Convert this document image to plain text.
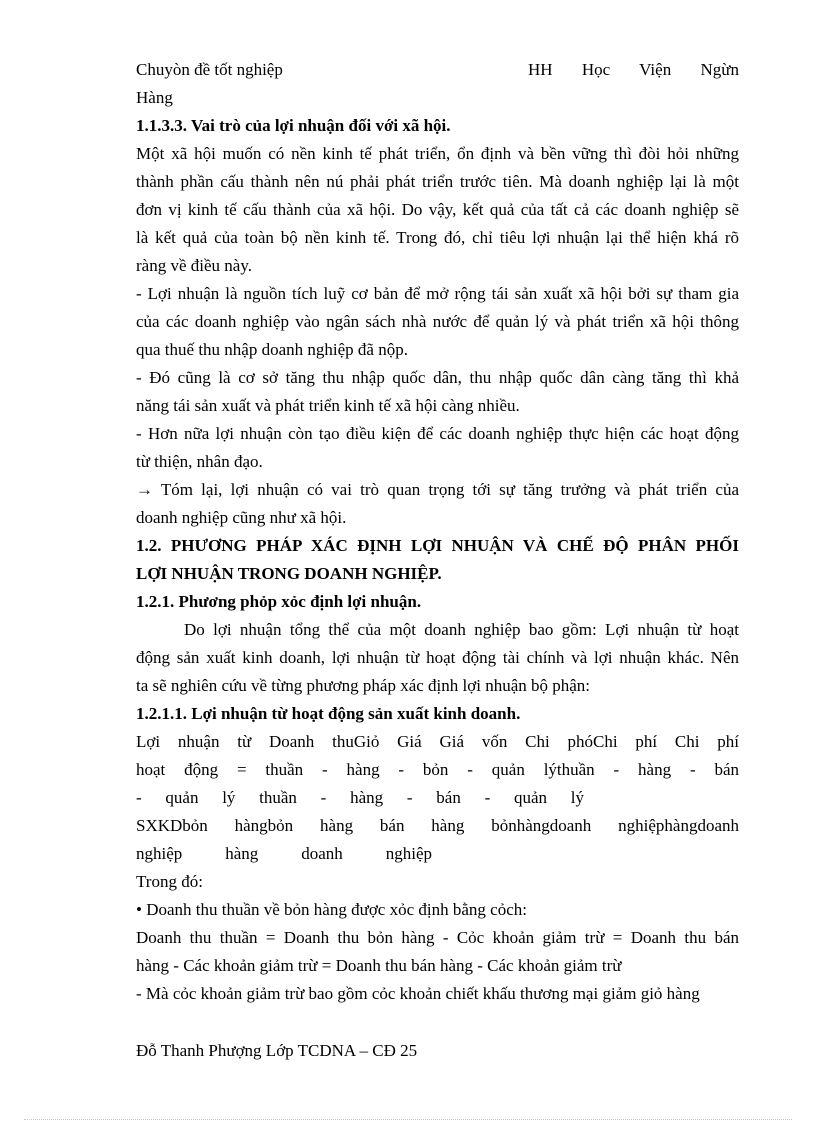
Chuyòn đề tốt nghiệp	HH Học Viện Ngừn
Hàng
1.1.3.3. Vai trò của lợi nhuận đối với xã hội.
Một xã hội muốn có nền kinh tế phát triển, ổn định và bền vững thì đòi hỏi những
thành phần cấu thành nên nú phải phát triển trước tiên. Mà doanh nghiệp lại là một
đơn vị kinh tế cấu thành của xã hội. Do vậy, kết quả của tất cả các doanh nghiệp sẽ
là kết quả của toàn bộ nền kinh tế. Trong đó, chỉ tiêu lợi nhuận lại thể hiện khá rõ
ràng về điều này.
- Lợi nhuận là nguồn tích luỹ cơ bản để mở rộng tái sản xuất xã hội bởi sự tham gia
của các doanh nghiệp vào ngân sách nhà nước để quản lý và phát triển xã hội thông
qua thuế thu nhập doanh nghiệp đã nộp.
- Đó cũng là cơ sở tăng thu nhập quốc dân, thu nhập quốc dân càng tăng thì khả
năng tái sản xuất và phát triển kinh tế xã hội càng nhiều.
- Hơn nữa lợi nhuận còn tạo điều kiện để các doanh nghiệp thực hiện các hoạt động
từ thiện, nhân đạo.
→ Tóm lại, lợi nhuận có vai trò quan trọng tới sự tăng trưởng và phát triển của
doanh nghiệp cũng như xã hội.
1.2. PHƯƠNG PHÁP XÁC ĐỊNH LỢI NHUẬN VÀ CHẾ ĐỘ PHÂN PHỐI
LỢI NHUẬN TRONG DOANH NGHIỆP.
1.2.1. Phương phỏp xỏc định lợi nhuận.
Do lợi nhuận tổng thể của một doanh nghiệp bao gồm: Lợi nhuận từ hoạt
động sản xuất kinh doanh, lợi nhuận từ hoạt động tài chính và lợi nhuận khác. Nên
ta sẽ nghiên cứu về từng phương pháp xác định lợi nhuận bộ phận:
1.2.1.1. Lợi nhuận từ hoạt động sản xuất kinh doanh.
Lợi nhuận từ Doanh thuGiỏ Giá Giá vốn Chi phóChi phí Chi phí
hoạt động = thuần - hàng - bỏn - quản lýthuần - hàng - bán
- quản lý thuần - hàng - bán - quản lý
SXKDbỏn hàngbỏn hàng bán hàng bỏnhàngdoanh nghiệphàngdoanh
nghiệp hàng doanh nghiệp
Trong đó:
• Doanh thu thuần về bỏn hàng được xỏc định bằng cỏch:
Doanh thu thuần = Doanh thu bỏn hàng - Cỏc khoản giảm trừ = Doanh thu bán
hàng - Các khoản giảm trừ = Doanh thu bán hàng - Các khoản giảm trừ
- Mà cỏc khoản giảm trừ bao gồm cỏc khoản chiết khấu thương mại giảm giỏ hàng
Đỗ Thanh Phượng Lớp TCDNA – CĐ 25
